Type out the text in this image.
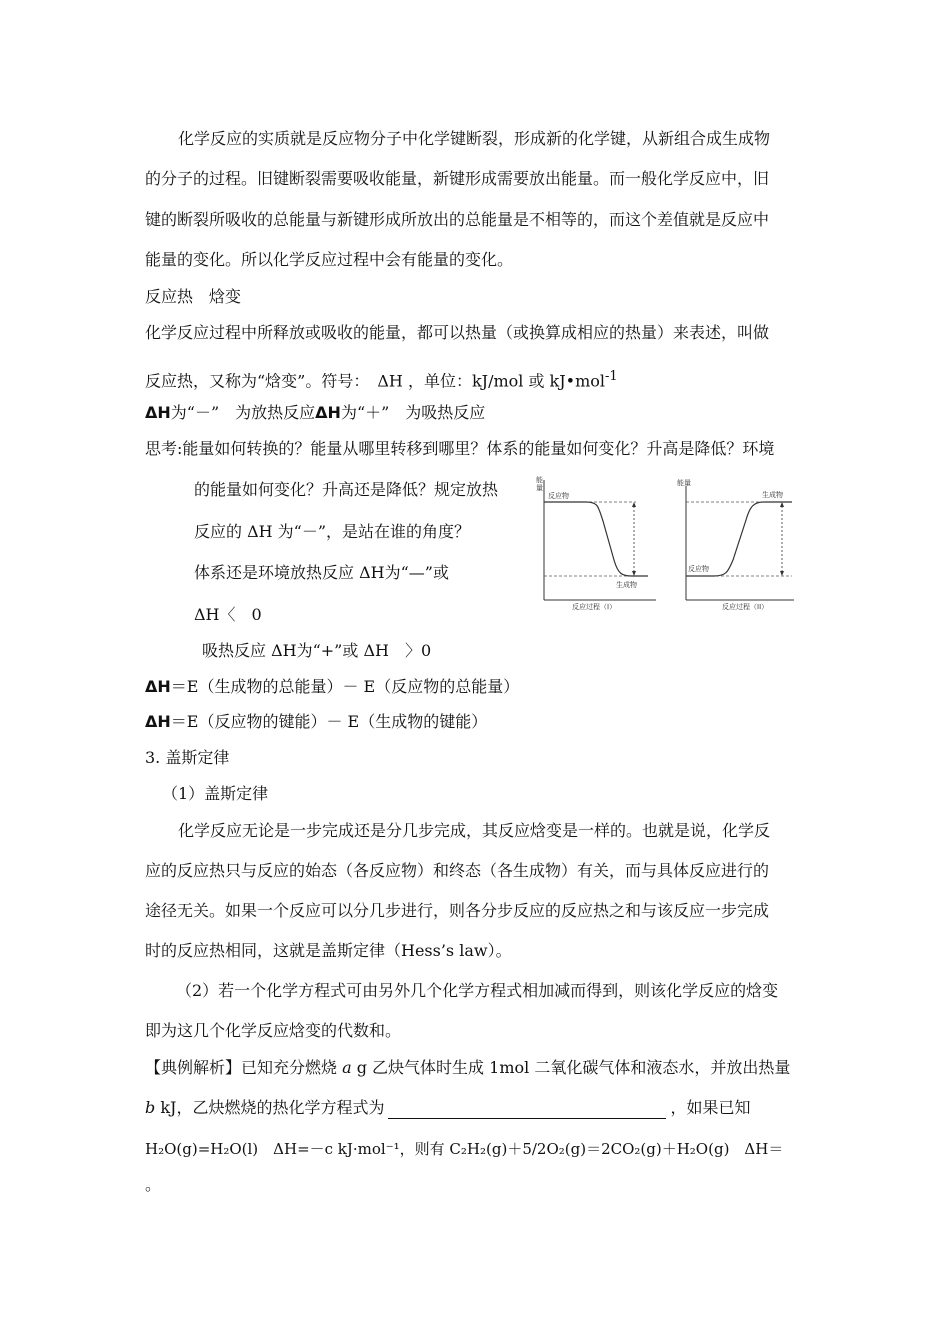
化学反应的实质就是反应物分子中化学键断裂，形成新的化学键，从新组合成生成物
的分子的过程。旧键断裂需要吸收能量，新键形成需要放出能量。而一般化学反应中，旧
键的断裂所吸收的总能量与新键形成所放出的总能量是不相等的，而这个差值就是反应中
能量的变化。所以化学反应过程中会有能量的变化。
反应热　焓变
化学反应过程中所释放或吸收的能量，都可以热量（或换算成相应的热量）来表述，叫做
反应热，又称为“焓变”。符号：　ΔH ，单位：kJ/mol 或 kJ•mol$^{-1}$
ΔH为“－”　为放热反应ΔH为“＋”　为吸热反应
思考:能量如何转换的？能量从哪里转移到哪里？体系的能量如何变化？升高是降低？环境
的能量如何变化？升高还是降低？规定放热
反应的 ΔH 为“－”，是站在谁的角度？
体系还是环境放热反应 ΔH为“—”或
ΔH〈　0
吸热反应 ΔH为“+”或 ΔH　〉0
反应物
生成物
反应过程（I）
能量
生成物
反应物
反应过程（II）
能量
ΔH＝E（生成物的总能量）－ E（反应物的总能量）
ΔH＝E（反应物的键能）－ E（生成物的键能）
3. 盖斯定律
（1）盖斯定律
化学反应无论是一步完成还是分几步完成，其反应焓变是一样的。也就是说，化学反
应的反应热只与反应的始态（各反应物）和终态（各生成物）有关，而与具体反应进行的
途径无关。如果一个反应可以分几步进行，则各分步反应的反应热之和与该反应一步完成
时的反应热相同，这就是盖斯定律（Hess’s law）。
（2）若一个化学方程式可由另外几个化学方程式相加减而得到，则该化学反应的焓变
即为这几个化学反应焓变的代数和。
【典例解析】已知充分燃烧 a g 乙炔气体时生成 1mol 二氧化碳气体和液态水，并放出热量
b kJ，乙炔燃烧的热化学方程式为	，如果已知
H₂O(g)=H₂O(l)　ΔH=－c kJ·mol⁻¹，则有 C₂H₂(g)＋5/2O₂(g)＝2CO₂(g)＋H₂O(g)　ΔH＝
。
